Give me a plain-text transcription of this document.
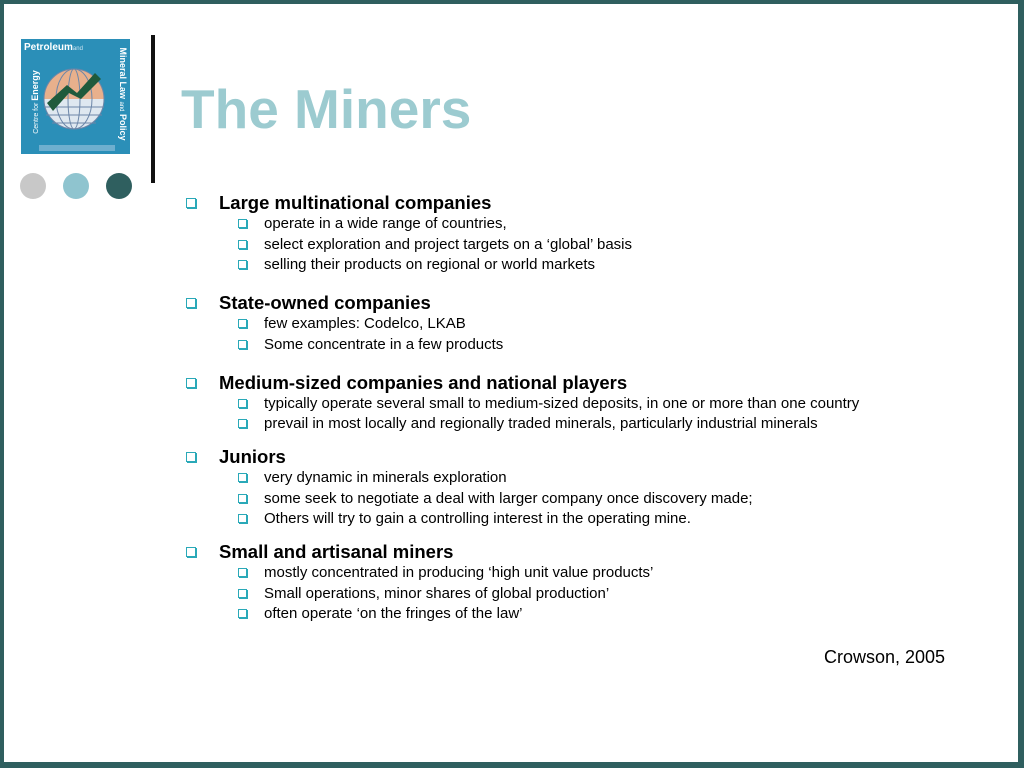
Petroleumand
Centre for Energy	Mineral Law and Policy The Miners
Large multinational companies
operate in a wide range of countries,
select exploration and project targets on a ‘global’ basis
selling their products on regional or world markets
State-owned companies
few examples: Codelco, LKAB
Some concentrate in a few products
Medium-sized companies and national players
typically operate several small to medium-sized deposits, in one or more than one country
prevail in most locally and regionally traded minerals, particularly industrial minerals
Juniors
very dynamic in minerals exploration
some seek to negotiate a deal with larger company once discovery made;
Others will try to gain a controlling interest in the operating mine.
Small and artisanal miners
mostly concentrated in producing ‘high unit value products’
Small operations, minor shares of global production’
often operate ‘on the fringes of the law’
Crowson, 2005
